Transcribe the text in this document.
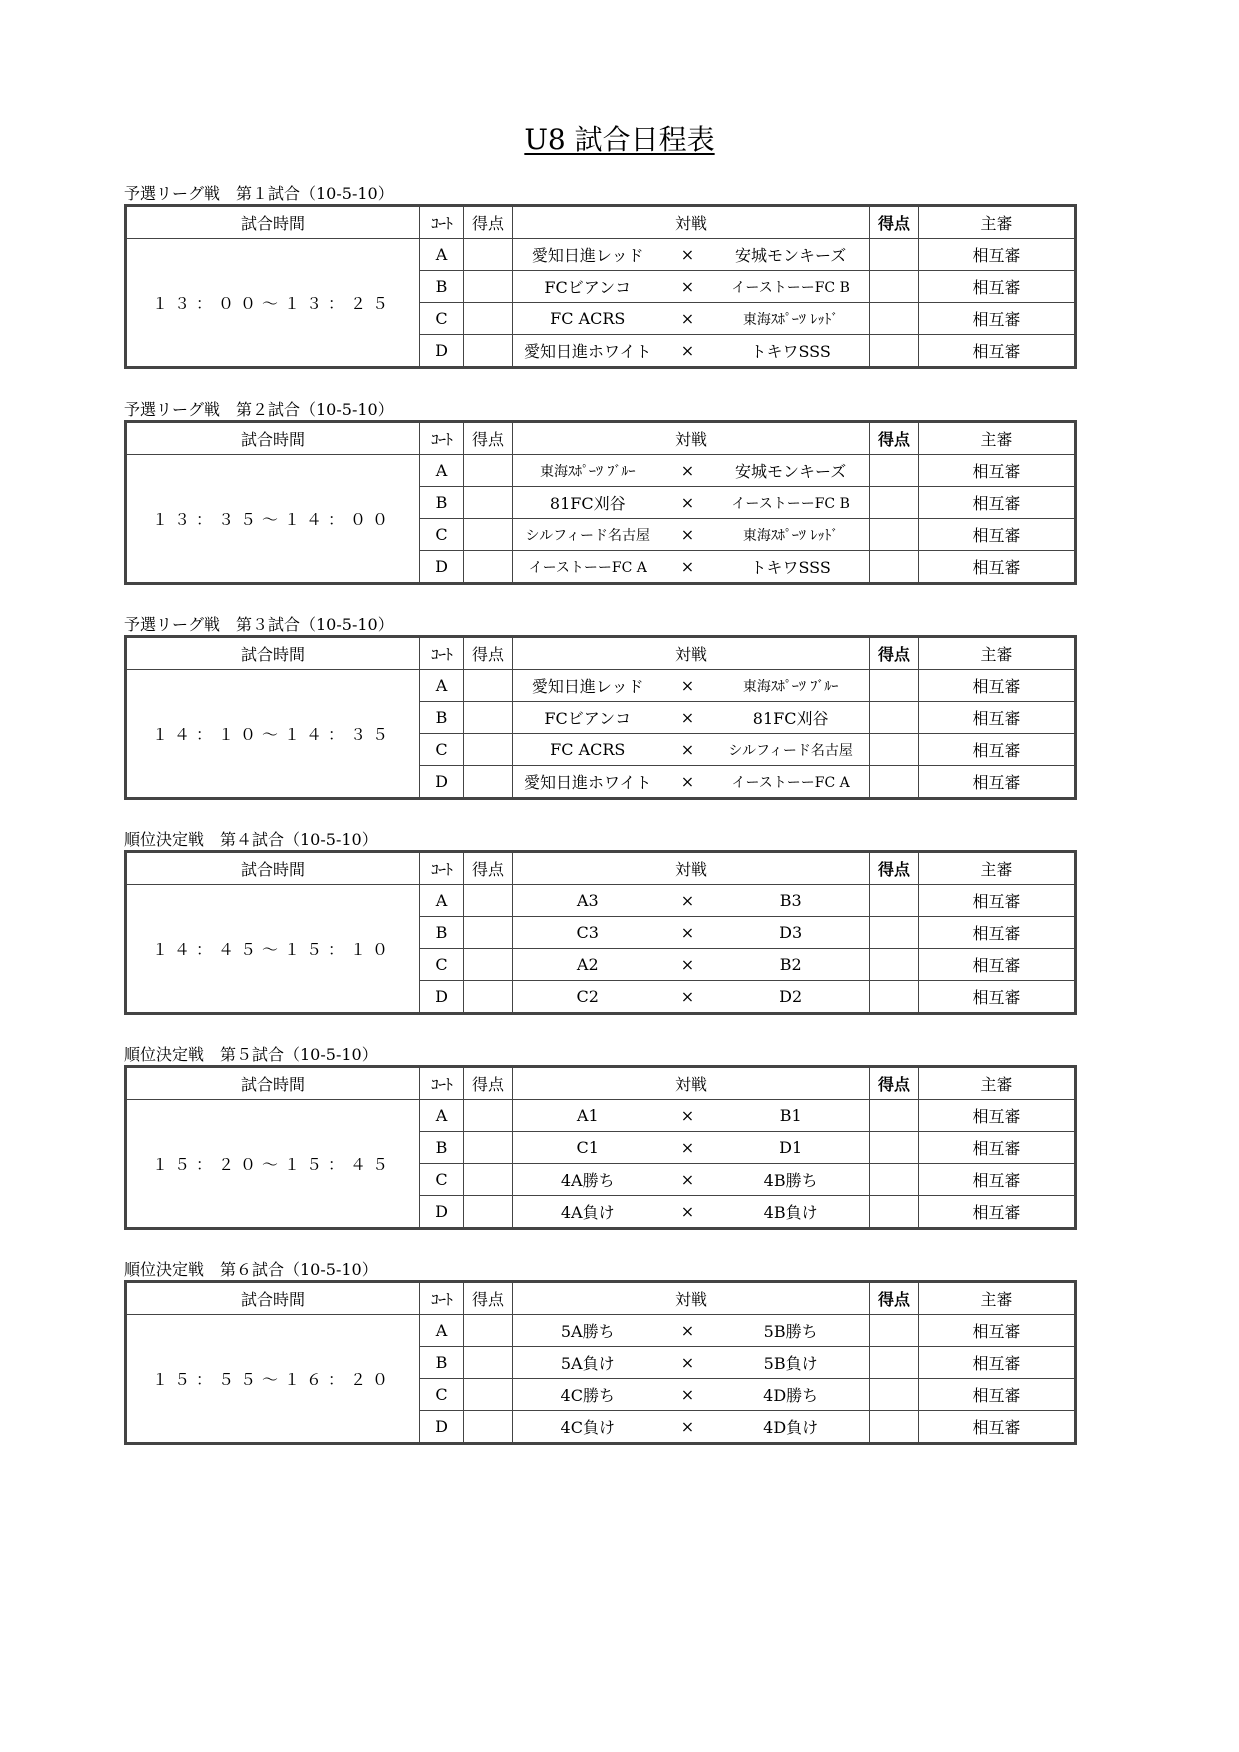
U8 試合日程表
予選リーグ戦　第１試合（10-5-10）
試合時間	ｺｰﾄ	得点	対戦	得点	主審
１３：００〜１３：２５	A		愛知日進レッド × 安城モンキーズ		相互審
	B		FCビアンコ × イーストーーFC B		相互審
	C		FC ACRS × 東海ｽﾎﾟｰﾂ ﾚｯﾄﾞ		相互審
	D		愛知日進ホワイト × トキワSSS		相互審
予選リーグ戦　第２試合（10-5-10）
試合時間	ｺｰﾄ	得点	対戦	得点	主審
１３：３５〜１４：００	A		東海ｽﾎﾟｰﾂ ﾌﾞﾙｰ × 安城モンキーズ		相互審
	B		81FC刈谷 × イーストーーFC B		相互審
	C		シルフィード名古屋 × 東海ｽﾎﾟｰﾂ ﾚｯﾄﾞ		相互審
	D		イーストーーFC A × トキワSSS		相互審
予選リーグ戦　第３試合（10-5-10）
試合時間	ｺｰﾄ	得点	対戦	得点	主審
１４：１０〜１４：３５	A		愛知日進レッド × 東海ｽﾎﾟｰﾂ ﾌﾞﾙｰ		相互審
	B		FCビアンコ × 81FC刈谷		相互審
	C		FC ACRS × シルフィード名古屋		相互審
	D		愛知日進ホワイト × イーストーーFC A		相互審
順位決定戦　第４試合（10-5-10）
試合時間	ｺｰﾄ	得点	対戦	得点	主審
１４：４５〜１５：１０	A		A3 × B3		相互審
	B		C3 × D3		相互審
	C		A2 × B2		相互審
	D		C2 × D2		相互審
順位決定戦　第５試合（10-5-10）
試合時間	ｺｰﾄ	得点	対戦	得点	主審
１５：２０〜１５：４５	A		A1 × B1		相互審
	B		C1 × D1		相互審
	C		4A勝ち × 4B勝ち		相互審
	D		4A負け × 4B負け		相互審
順位決定戦　第６試合（10-5-10）
試合時間	ｺｰﾄ	得点	対戦	得点	主審
１５：５５〜１６：２０	A		5A勝ち × 5B勝ち		相互審
	B		5A負け × 5B負け		相互審
	C		4C勝ち × 4D勝ち		相互審
	D		4C負け × 4D負け		相互審
